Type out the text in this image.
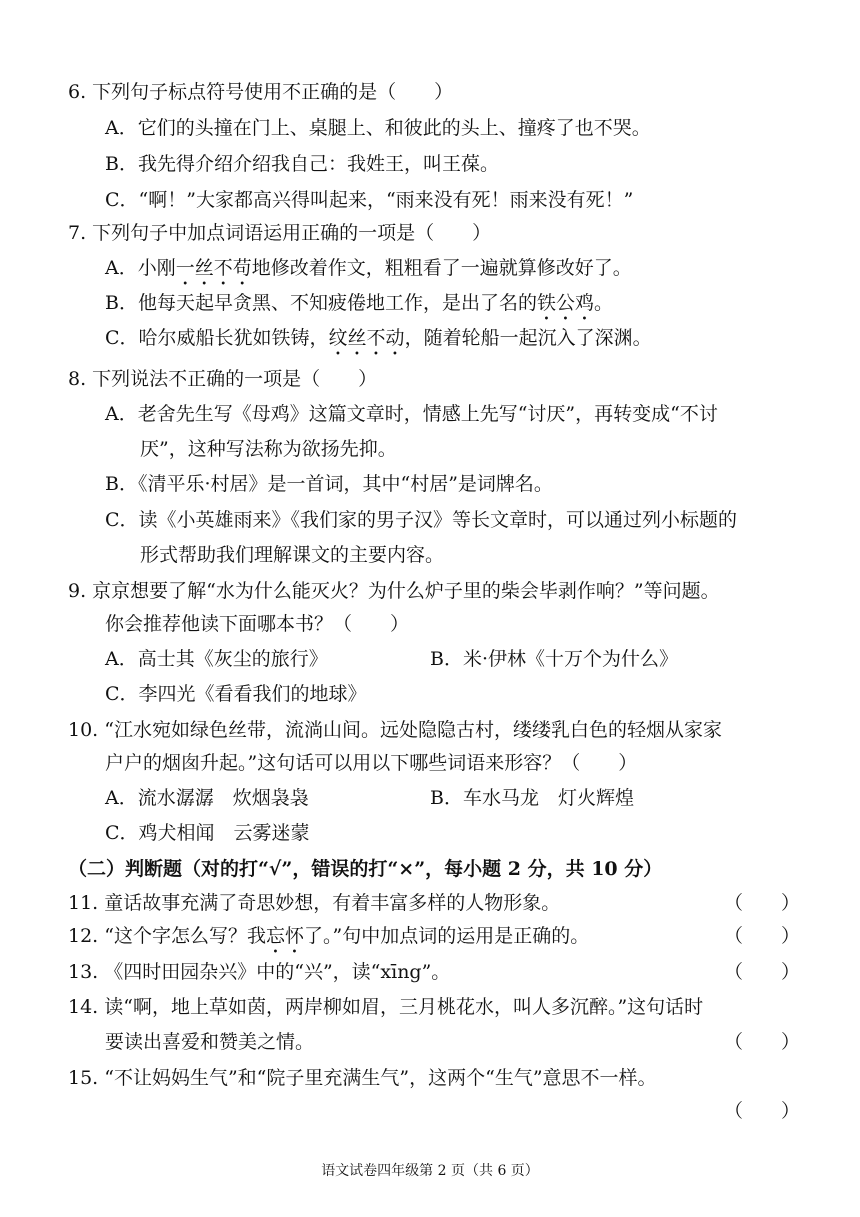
6. 下列句子标点符号使用不正确的是（　　）
A．它们的头撞在门上、桌腿上、和彼此的头上、撞疼了也不哭。
B．我先得介绍介绍我自己：我姓王，叫王葆。
C．“啊！”大家都高兴得叫起来，“雨来没有死！雨来没有死！”
7. 下列句子中加点词语运用正确的一项是（　　）
A．小刚一丝不苟地修改着作文，粗粗看了一遍就算修改好了。
B．他每天起早贪黑、不知疲倦地工作，是出了名的铁公鸡。
C．哈尔威船长犹如铁铸，纹丝不动，随着轮船一起沉入了深渊。
8. 下列说法不正确的一项是（　　）
A．老舍先生写《母鸡》这篇文章时，情感上先写“讨厌”，再转变成“不讨
厌”，这种写法称为欲扬先抑。
B．《清平乐·村居》是一首词，其中“村居”是词牌名。
C．读《小英雄雨来》《我们家的男子汉》等长文章时，可以通过列小标题的
形式帮助我们理解课文的主要内容。
9. 京京想要了解“水为什么能灭火？为什么炉子里的柴会毕剥作响？”等问题。
你会推荐他读下面哪本书？（　　）
A．高士其《灰尘的旅行》	B．米·伊林《十万个为什么》
C．李四光《看看我们的地球》
10. “江水宛如绿色丝带，流淌山间。远处隐隐古村，缕缕乳白色的轻烟从家家
户户的烟囱升起。”这句话可以用以下哪些词语来形容？（　　）
A．流水潺潺　炊烟袅袅	B．车水马龙　灯火辉煌
C．鸡犬相闻　云雾迷蒙
（二）判断题（对的打“√”，错误的打“×”，每小题 2 分，共 10 分）
11. 童话故事充满了奇思妙想，有着丰富多样的人物形象。	（　　）
12. “这个字怎么写？我忘怀了。”句中加点词的运用是正确的。	（　　）
13. 《四时田园杂兴》中的“兴”，读“xīng”。	（　　）
14. 读“啊，地上草如茵，两岸柳如眉，三月桃花水，叫人多沉醉。”这句话时
要读出喜爱和赞美之情。	（　　）
15. “不让妈妈生气”和“院子里充满生气”，这两个“生气”意思不一样。
（　　）
语文试卷四年级第 2 页（共 6 页）
